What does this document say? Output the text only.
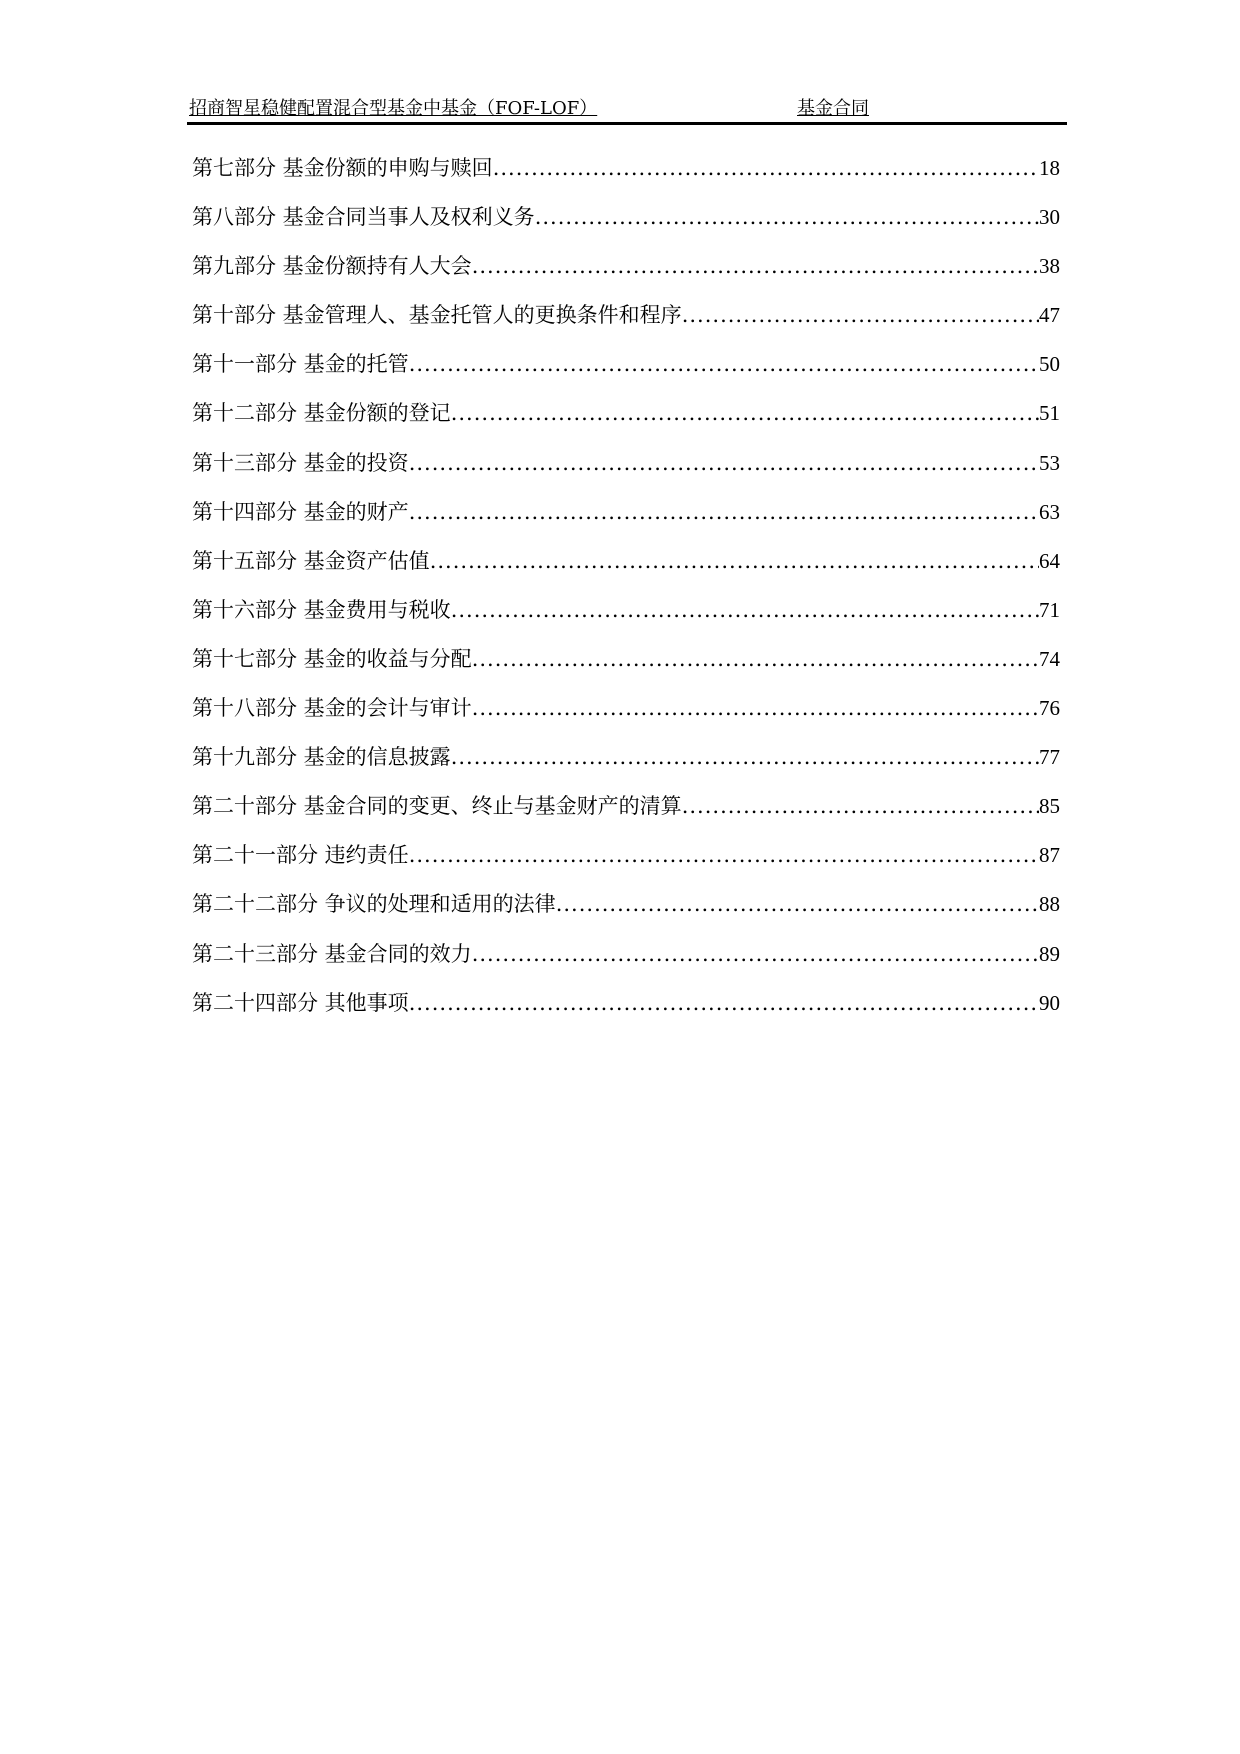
招商智星稳健配置混合型基金中基金（FOF-LOF）	基金合同
第七部分 基金份额的申购与赎回 .....	18
第八部分 基金合同当事人及权利义务 .....	30
第九部分 基金份额持有人大会 .....	38
第十部分 基金管理人、基金托管人的更换条件和程序 .....	47
第十一部分 基金的托管 .....	50
第十二部分 基金份额的登记 .....	51
第十三部分 基金的投资 .....	53
第十四部分 基金的财产 .....	63
第十五部分 基金资产估值 .....	64
第十六部分 基金费用与税收 .....	71
第十七部分 基金的收益与分配 .....	74
第十八部分 基金的会计与审计 .....	76
第十九部分 基金的信息披露 .....	77
第二十部分 基金合同的变更、终止与基金财产的清算 .....	85
第二十一部分 违约责任 .....	87
第二十二部分 争议的处理和适用的法律 .....	88
第二十三部分 基金合同的效力 .....	89
第二十四部分 其他事项 .....	90
